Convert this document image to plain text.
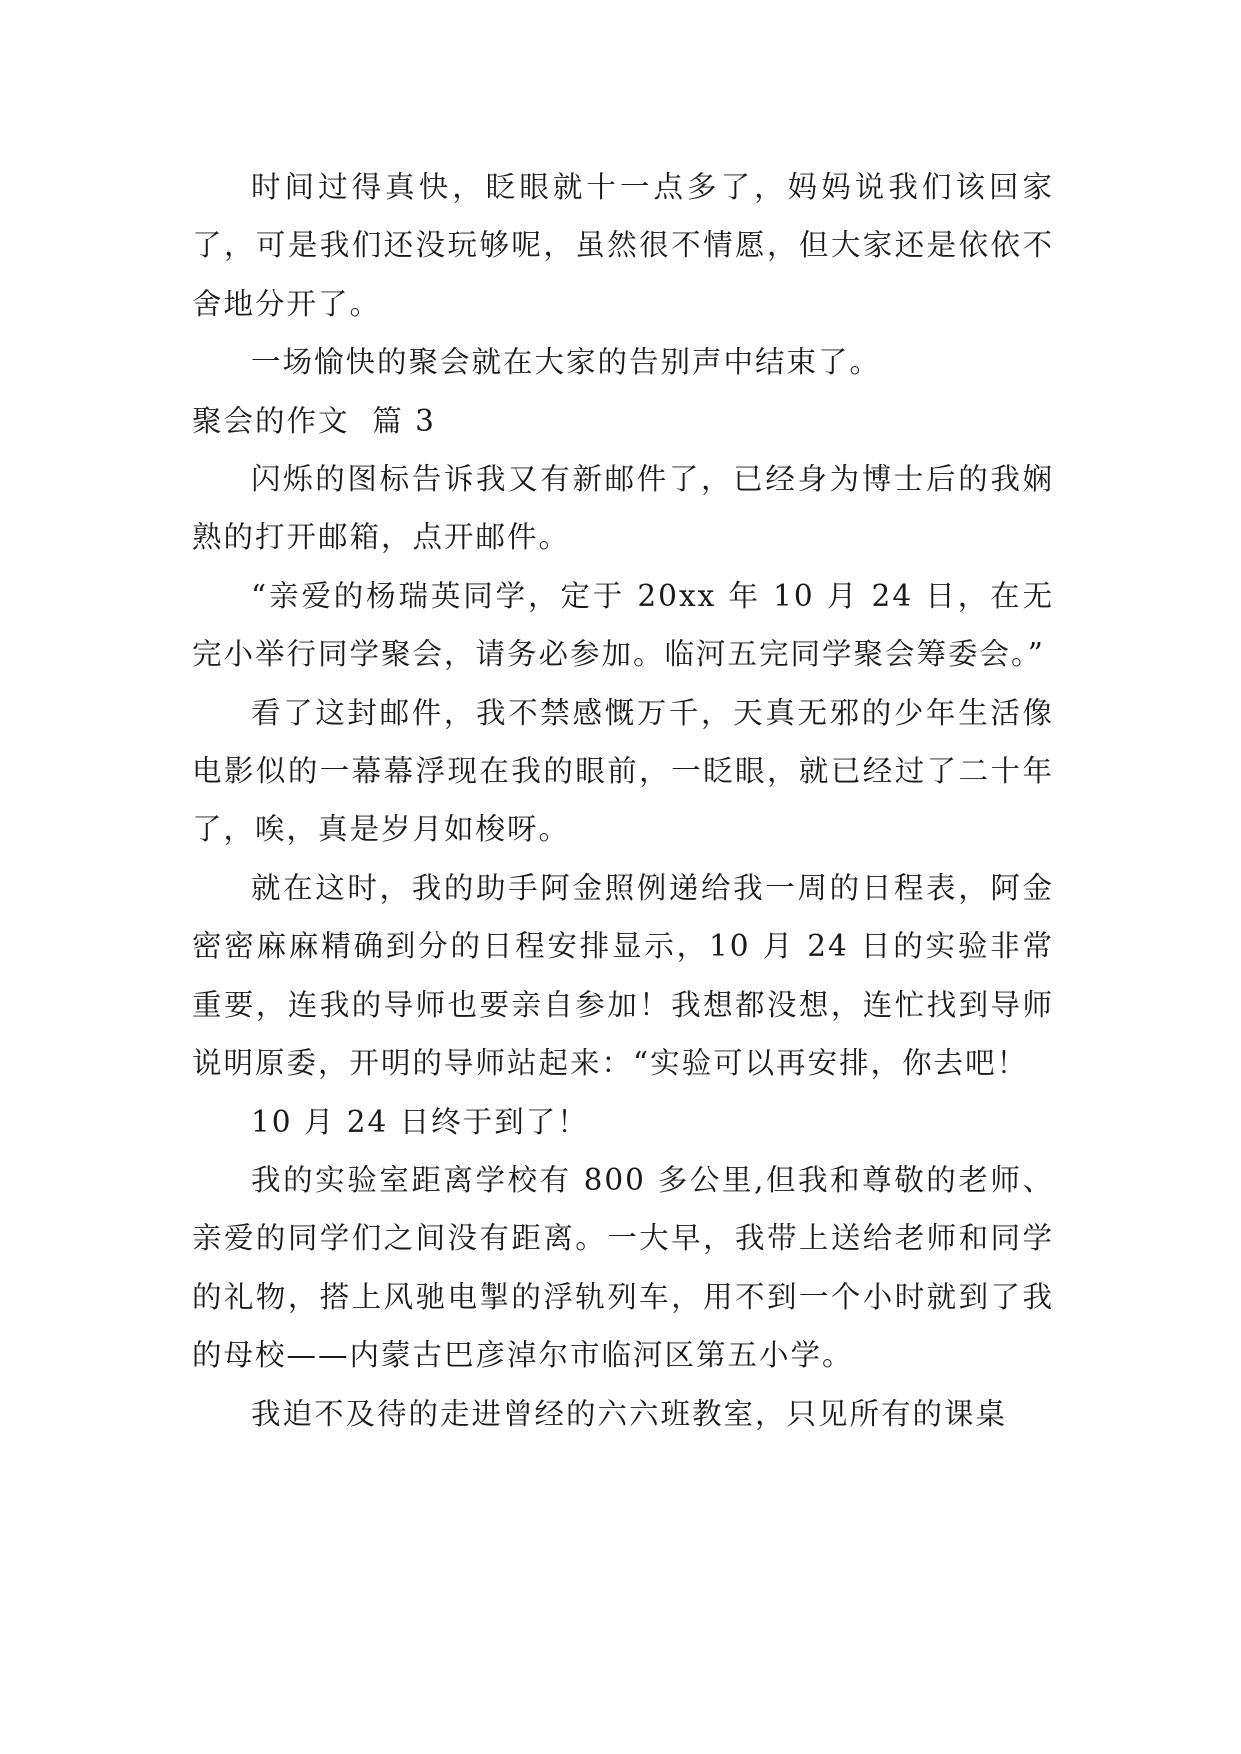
时间过得真快，眨眼就十一点多了，妈妈说我们该回家了，可是我们还没玩够呢，虽然很不情愿，但大家还是依依不舍地分开了。

一场愉快的聚会就在大家的告别声中结束了。

聚会的作文  篇 3

闪烁的图标告诉我又有新邮件了，已经身为博士后的我娴熟的打开邮箱，点开邮件。

“亲爱的杨瑞英同学，定于 20xx 年 10 月 24 日，在无完小举行同学聚会，请务必参加。临河五完同学聚会筹委会。”

看了这封邮件，我不禁感慨万千，天真无邪的少年生活像电影似的一幕幕浮现在我的眼前，一眨眼，就已经过了二十年了，唉，真是岁月如梭呀。

就在这时，我的助手阿金照例递给我一周的日程表，阿金密密麻麻精确到分的日程安排显示，10 月 24 日的实验非常重要，连我的导师也要亲自参加！我想都没想，连忙找到导师说明原委，开明的导师站起来：“实验可以再安排，你去吧！

10 月 24 日终于到了！

我的实验室距离学校有 800 多公里,但我和尊敬的老师、亲爱的同学们之间没有距离。一大早，我带上送给老师和同学的礼物，搭上风驰电掣的浮轨列车，用不到一个小时就到了我的母校——内蒙古巴彦淖尔市临河区第五小学。

我迫不及待的走进曾经的六六班教室，只见所有的课桌
